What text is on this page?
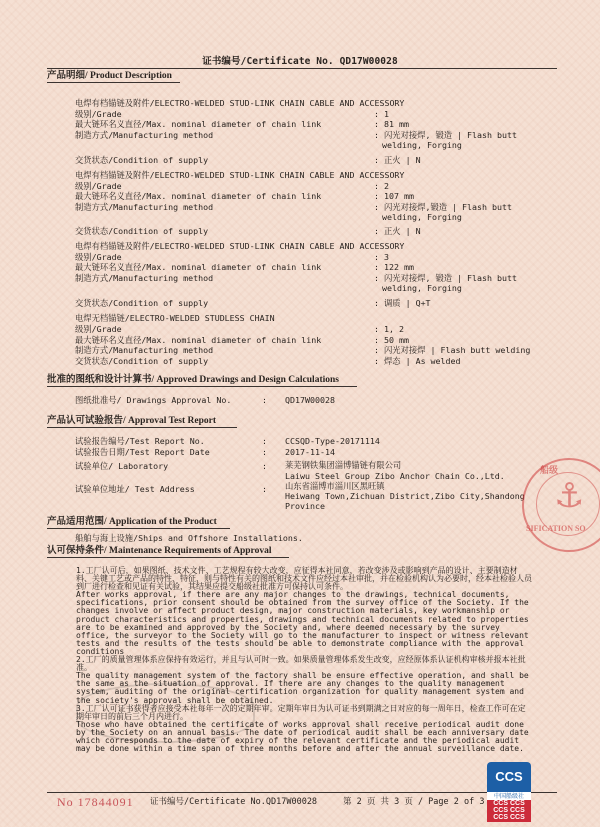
证书编号/Certificate No. QD17W00028
产品明细/ Product Description
电焊有档锚链及附件/ELECTRO-WELDED STUD-LINK CHAIN CABLE AND ACCESSORY
级别/Grade	: 1
最大链环名义直径/Max. nominal diameter of chain link	: 81 mm
制造方式/Manufacturing method	: 闪光对接焊, 锻造 | Flash butt
welding, Forging
交货状态/Condition of supply	: 正火 | N
电焊有档锚链及附件/ELECTRO-WELDED STUD-LINK CHAIN CABLE AND ACCESSORY
级别/Grade	: 2
最大链环名义直径/Max. nominal diameter of chain link	: 107 mm
制造方式/Manufacturing method	: 闪光对接焊,锻造 | Flash butt
welding, Forging
交货状态/Condition of supply	: 正火 | N
电焊有档锚链及附件/ELECTRO-WELDED STUD-LINK CHAIN CABLE AND ACCESSORY
级别/Grade	: 3
最大链环名义直径/Max. nominal diameter of chain link	: 122 mm
制造方式/Manufacturing method	: 闪光对接焊, 锻造 | Flash butt
welding, Forging
交货状态/Condition of supply	: 调质 | Q+T
电焊无档锚链/ELECTRO-WELDED STUDLESS CHAIN
级别/Grade	: 1, 2
最大链环名义直径/Max. nominal diameter of chain link	: 50 mm
制造方式/Manufacturing method	: 闪光对接焊 | Flash butt welding
交货状态/Condition of supply	: 焊态 | As welded
批准的图纸和设计计算书/ Approved Drawings and Design Calculations
图纸批准号/ Drawings Approval No.	: QD17W00028
产品认可试验报告/ Approval Test Report
试验报告编号/Test Report No.	: CCSQD-Type-20171114
试验报告日期/Test Report Date	: 2017-11-14
试验单位/ Laboratory	: 莱芜钢铁集团淄博锚链有限公司
Laiwu Steel Group Zibo Anchor Chain Co.,Ltd.
试验单位地址/ Test Address	: 山东省淄博市淄川区黑旺镇
Heiwang Town,Zichuan District,Zibo City,Shandong
Province
产品适用范围/ Application of the Product
船舶与海上设施/Ships and Offshore Installations.
认可保持条件/ Maintenance Requirements of Approval

1.工厂认可后，如果图纸、技术文件、工艺规程有较大改变，应征得本社同意，若改变涉及或影响到产品的设计、主要制造材料、关键工艺或产品的特性、特征，则与特性有关的图纸和技术文件应经过本社审批，并在检验机构认为必要时，经本社检验人员到厂进行检查和见证有关试验，其结果应提交船级社批准方可保持认可条件。

After works approval, if there are any major changes to the drawings, technical documents, specifications, prior consent should be obtained from the survey office of the Society. If the changes involve or affect product design, major construction materials, key workmanship or product characteristics and properties, drawings and technical documents related to properties are to be examined and approved by the Society and, where deemed necessary by the survey office, the surveyor to the Society will go to the manufacturer to inspect or witness relevant tests and the results of the tests should be able to demonstrate compliance with the approval conditions

2.工厂的质量管理体系应保持有效运行，并且与认可时一致。如果质量管理体系发生改变，应经原体系认证机构审核并报本社批准。

The quality management system of the factory shall be ensure effective operation, and shall be the same as the situation of approval. If there are any changes to the quality management system, auditing of the original certification organization for quality management system and the society's approval shall be obtained.

3.工厂认可证书获得者应接受本社每年一次的定期年审。定期年审日为认可证书到期满之日对应的每一周年日，检查工作可在定期年审日的前后三个月内进行。

Those who have obtained the certificate of works approval shall receive periodical audit done by the Society on an annual basis. The date of periodical audit shall be each anniversary date which corresponds to the date of expiry of the relevant certificate and the periodical audit may be done within a time span of three months before and after the annual surveillance date.

⚓
船级
SIFICATION SO
No 17844091 证书编号/Certificate No.QD17W00028	第 2 页 共 3 页 / Page 2 of 3
CCS
中国船级社
CCS CCS CCS CCS CCS CCS
